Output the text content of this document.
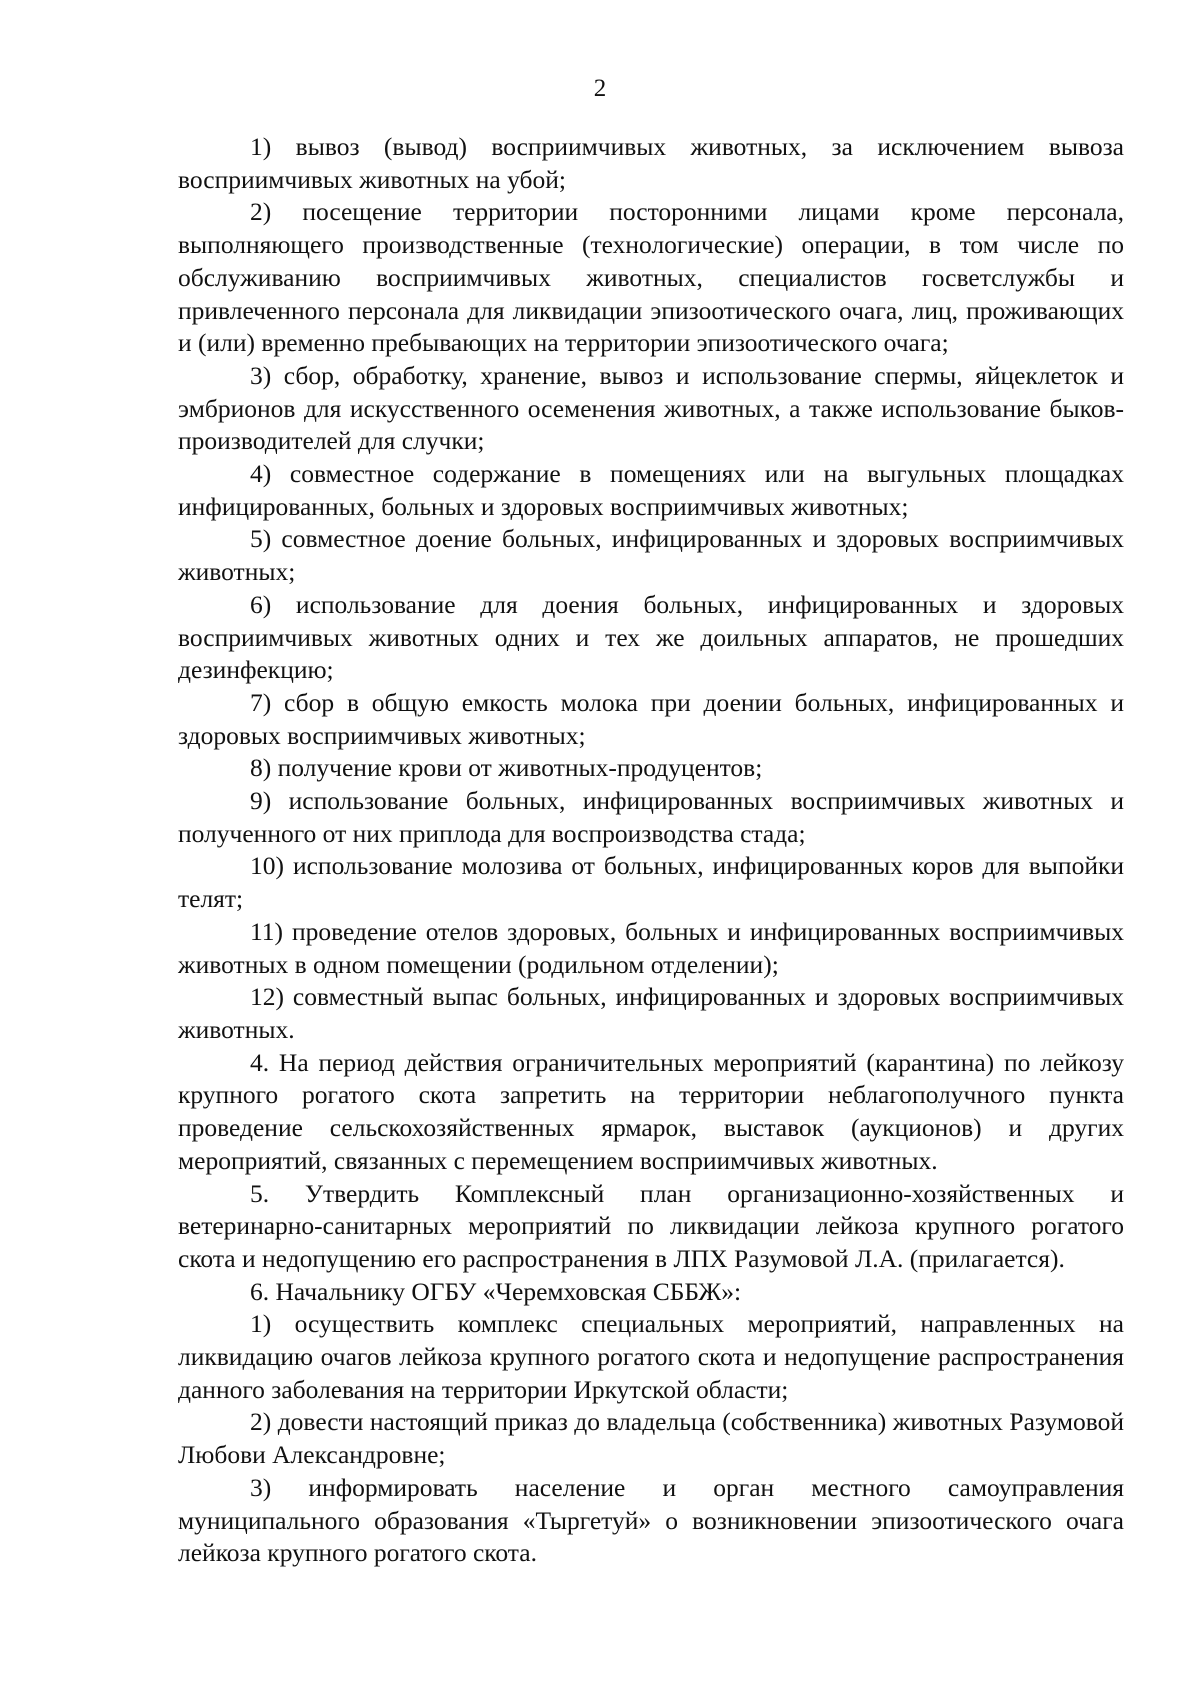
2

1) вывоз (вывод) восприимчивых животных, за исключением вывоза восприимчивых животных на убой;

2) посещение территории посторонними лицами кроме персонала, выполняющего производственные (технологические) операции, в том числе по обслуживанию восприимчивых животных, специалистов госветслужбы и привлеченного персонала для ликвидации эпизоотического очага, лиц, проживающих и (или) временно пребывающих на территории эпизоотического очага;

3) сбор, обработку, хранение, вывоз и использование спермы, яйцеклеток и эмбрионов для искусственного осеменения животных, а также использование быков-производителей для случки;

4) совместное содержание в помещениях или на выгульных площадках инфицированных, больных и здоровых восприимчивых животных;

5) совместное доение больных, инфицированных и здоровых восприимчивых животных;

6) использование для доения больных, инфицированных и здоровых восприимчивых животных одних и тех же доильных аппаратов, не прошедших дезинфекцию;

7) сбор в общую емкость молока при доении больных, инфицированных и здоровых восприимчивых животных;

8) получение крови от животных-продуцентов;

9) использование больных, инфицированных восприимчивых животных и полученного от них приплода для воспроизводства стада;

10) использование молозива от больных, инфицированных коров для выпойки телят;

11) проведение отелов здоровых, больных и инфицированных восприимчивых животных в одном помещении (родильном отделении);

12) совместный выпас больных, инфицированных и здоровых восприимчивых животных.

4. На период действия ограничительных мероприятий (карантина) по лейкозу крупного рогатого скота запретить на территории неблагополучного пункта проведение сельскохозяйственных ярмарок, выставок (аукционов) и других мероприятий, связанных с перемещением восприимчивых животных.

5. Утвердить Комплексный план организационно-хозяйственных и ветеринарно-санитарных мероприятий по ликвидации лейкоза крупного рогатого скота и недопущению его распространения в ЛПХ Разумовой Л.А. (прилагается).

6. Начальнику ОГБУ «Черемховская СББЖ»:

1) осуществить комплекс специальных мероприятий, направленных на ликвидацию очагов лейкоза крупного рогатого скота и недопущение распространения данного заболевания на территории Иркутской области;

2) довести настоящий приказ до владельца (собственника) животных Разумовой Любови Александровне;

3) информировать население и орган местного самоуправления муниципального образования «Тыргетуй» о возникновении эпизоотического очага лейкоза крупного рогатого скота.
